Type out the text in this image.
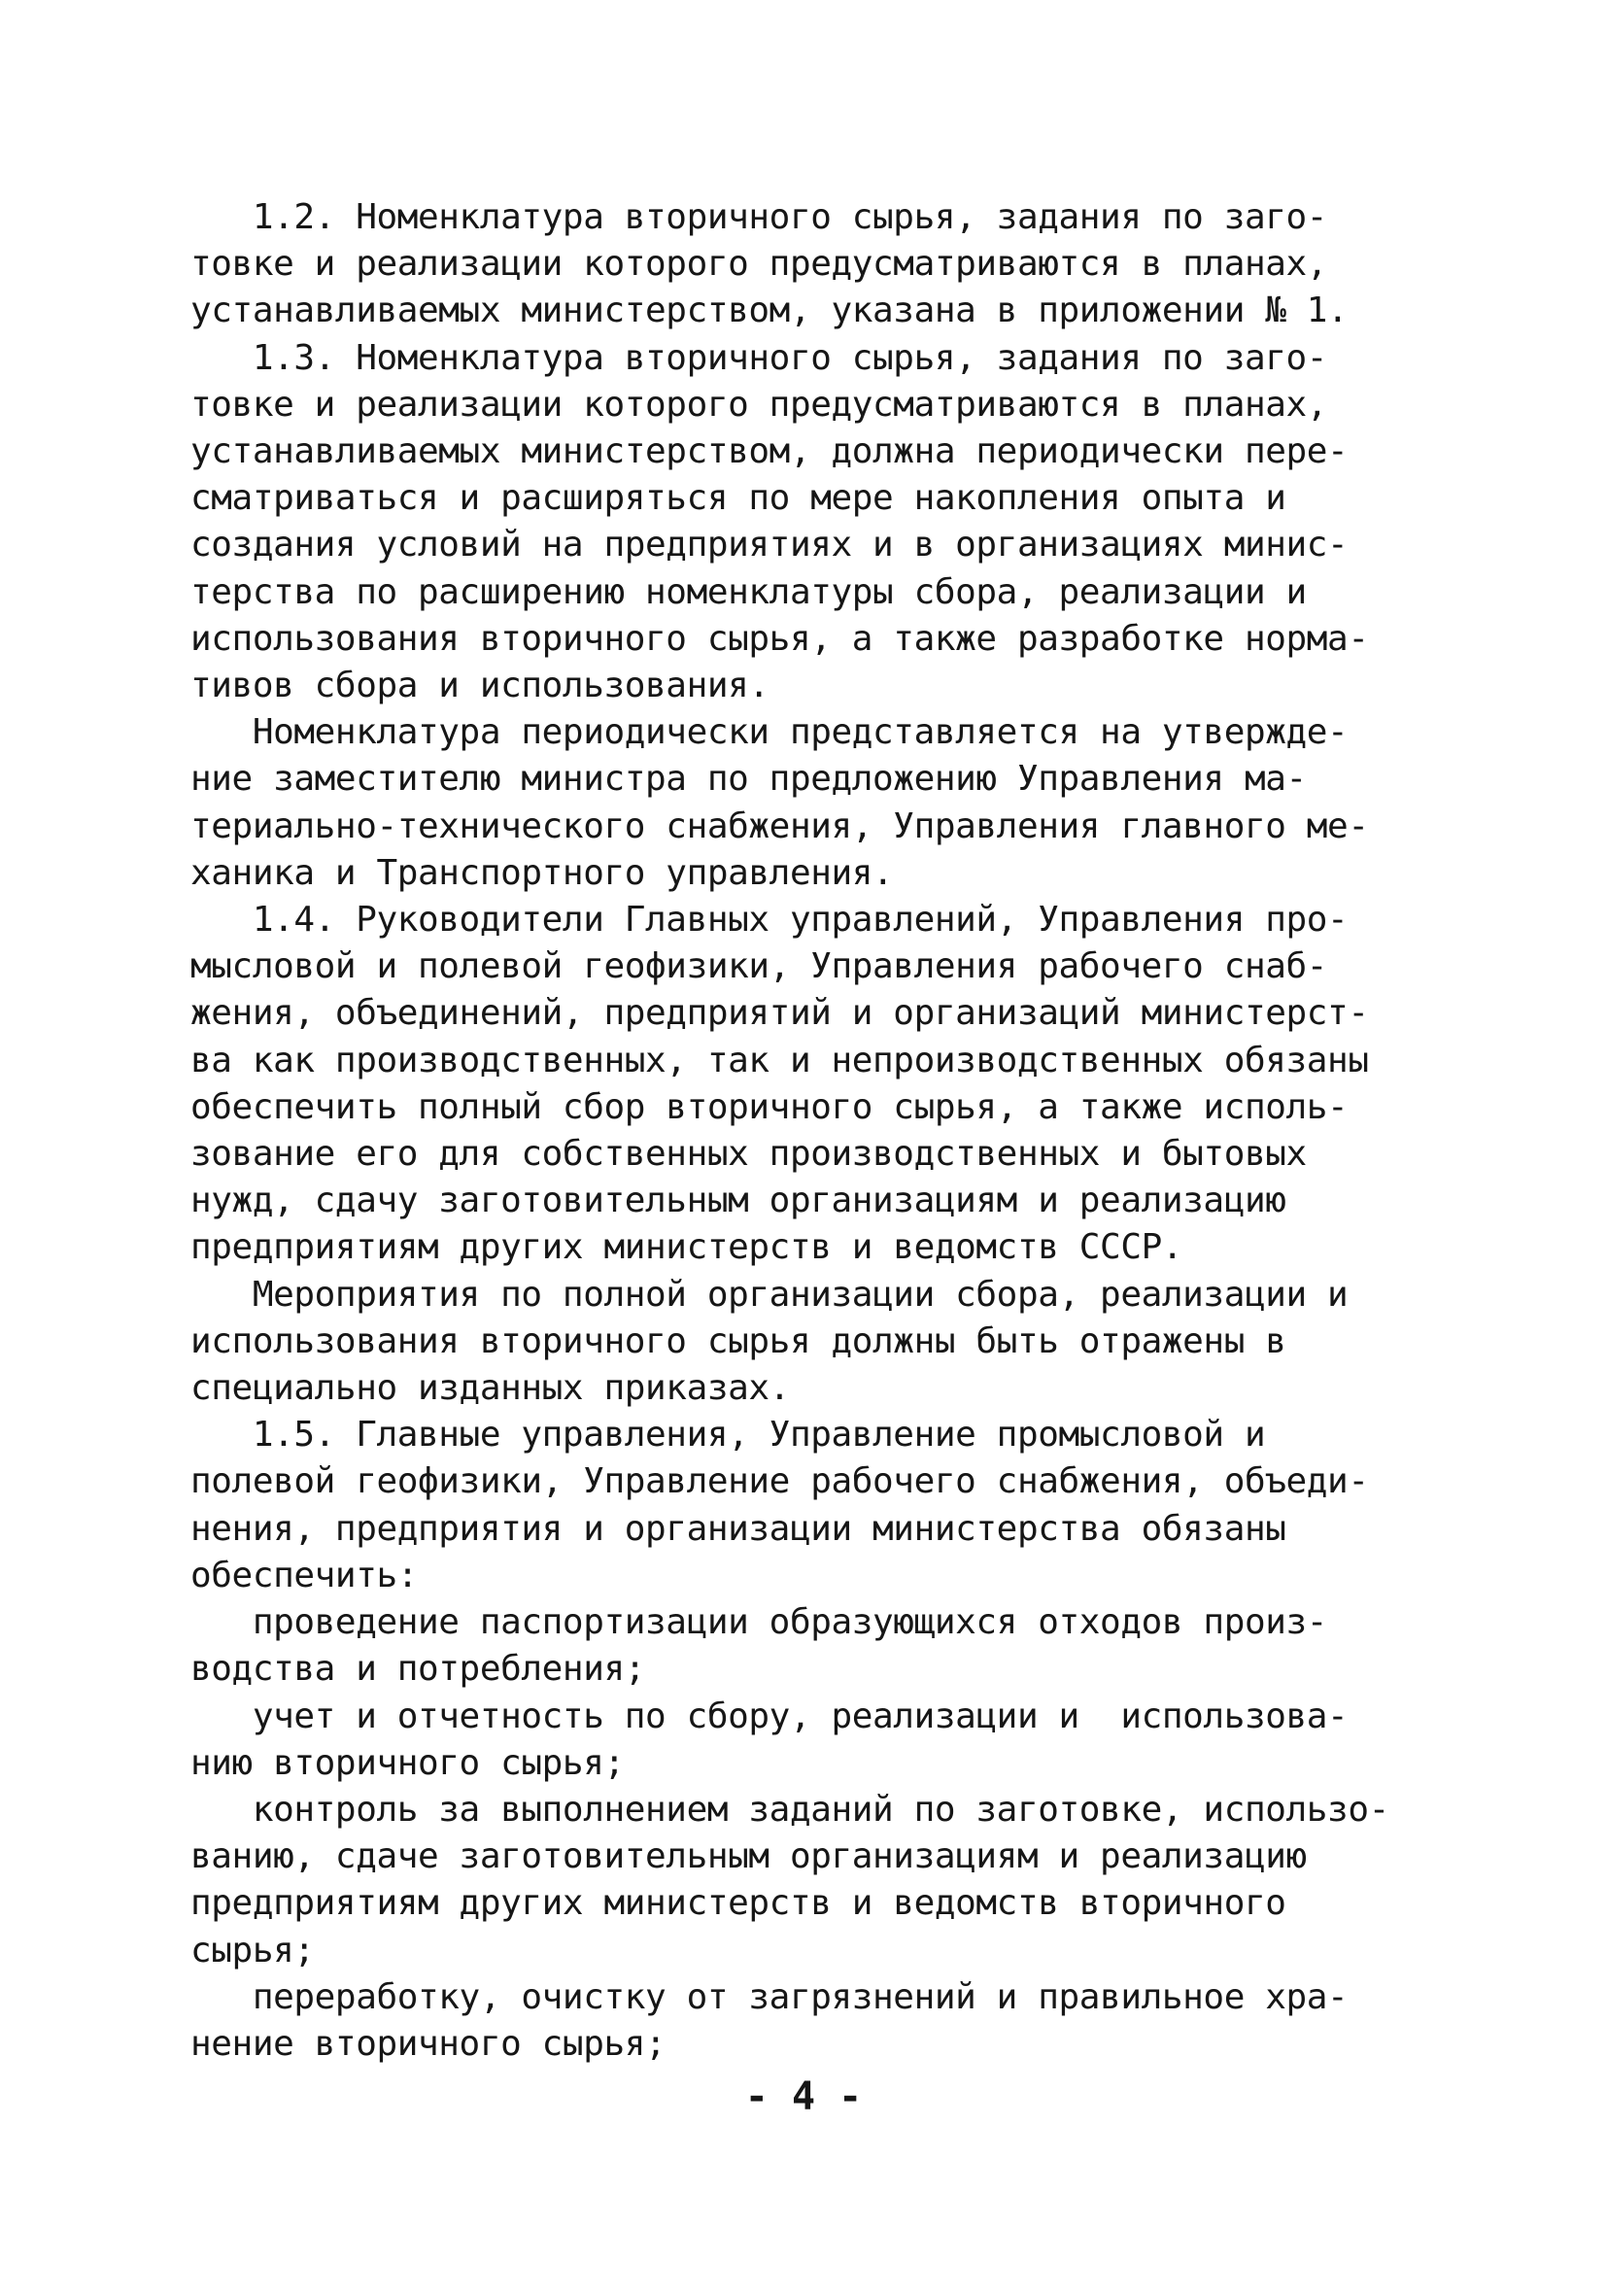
1.2. Номенклатура вторичного сырья, задания по заго-
товке и реализации которого предусматриваются в планах,
устанавливаемых министерством, указана в приложении № 1.
1.3. Номенклатура вторичного сырья, задания по заго-
товке и реализации которого предусматриваются в планах,
устанавливаемых министерством, должна периодически пере-
сматриваться и расширяться по мере накопления опыта и
создания условий на предприятиях и в организациях минис-
терства по расширению номенклатуры сбора, реализации и
использования вторичного сырья, а также разработке норма-
тивов сбора и использования.
Номенклатура периодически представляется на утвержде-
ние заместителю министра по предложению Управления ма-
териально-технического снабжения, Управления главного ме-
ханика и Транспортного управления.
1.4. Руководители Главных управлений, Управления про-
мысловой и полевой геофизики, Управления рабочего снаб-
жения, объединений, предприятий и организаций министерст-
ва как производственных, так и непроизводственных обязаны
обеспечить полный сбор вторичного сырья, а также исполь-
зование его для собственных производственных и бытовых
нужд, сдачу заготовительным организациям и реализацию
предприятиям других министерств и ведомств СССР.
Мероприятия по полной организации сбора, реализации и
использования вторичного сырья должны быть отражены в
специально изданных приказах.
1.5. Главные управления, Управление промысловой и
полевой геофизики, Управление рабочего снабжения, объеди-
нения, предприятия и организации министерства обязаны
обеспечить:
проведение паспортизации образующихся отходов произ-
водства и потребления;
учет и отчетность по сбору, реализации и  использова-
нию вторичного сырья;
контроль за выполнением заданий по заготовке, использо-
ванию, сдаче заготовительным организациям и реализацию
предприятиям других министерств и ведомств вторичного
сырья;
переработку, очистку от загрязнений и правильное хра-
нение вторичного сырья;
- 4 -
